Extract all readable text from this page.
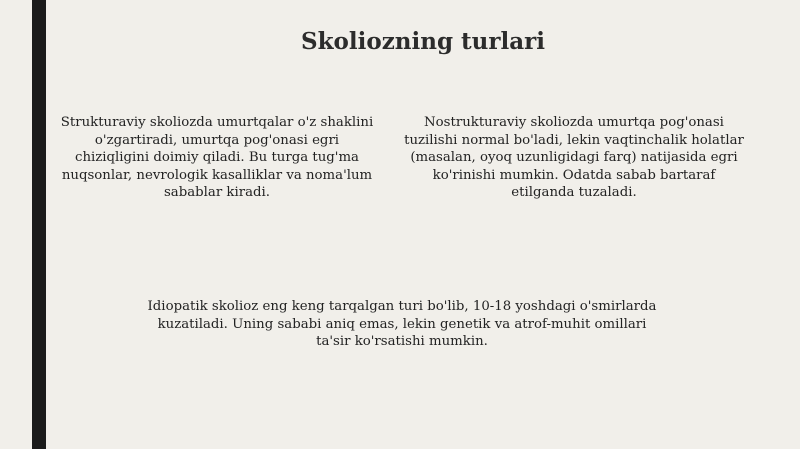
Skoliozning turlari

Strukturaviy skoliozda umurtqalar o'z shaklini o'zgartiradi, umurtqa pog'onasi egri chiziqligini doimiy qiladi. Bu turga tug'ma nuqsonlar, nevrologik kasalliklar va noma'lum sabablar kiradi.

Nostrukturaviy skoliozda umurtqa pog'onasi tuzilishi normal bo'ladi, lekin vaqtinchalik holatlar (masalan, oyoq uzunligidagi farq) natijasida egri ko'rinishi mumkin. Odatda sabab bartaraf etilganda tuzaladi.

Idiopatik skolioz eng keng tarqalgan turi bo'lib, 10-18 yoshdagi o'smirlarda kuzatiladi. Uning sababi aniq emas, lekin genetik va atrof-muhit omillari ta'sir ko'rsatishi mumkin.
